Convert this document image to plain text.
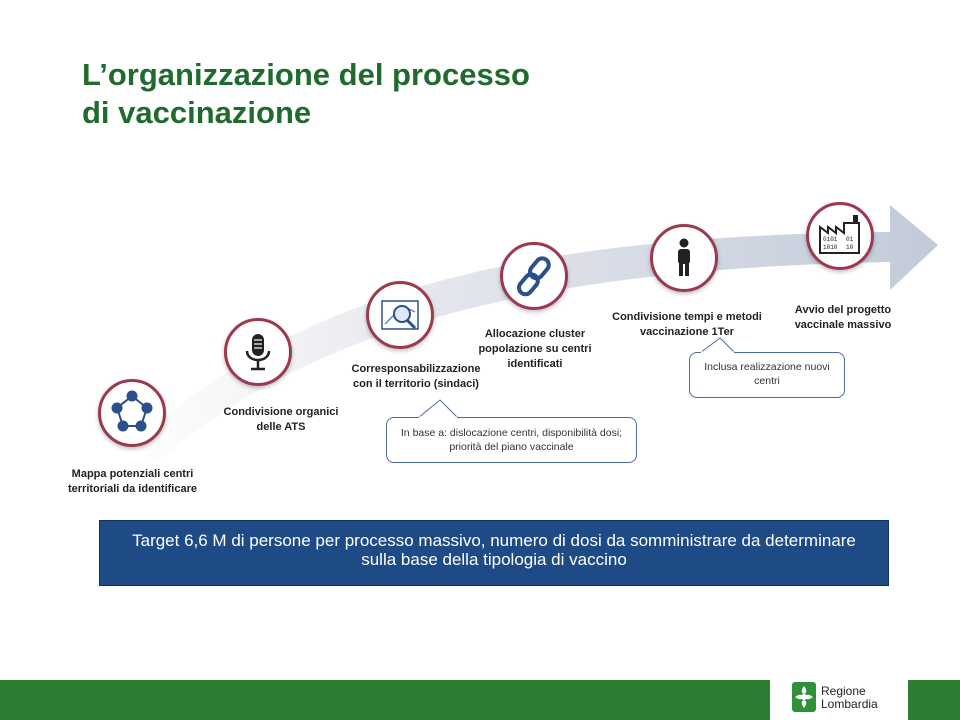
L’organizzazione del processo
di vaccinazione
Mappa potenziali centri territoriali da identificare
Condivisione organici delle ATS
Corresponsabilizzazione con il territorio (sindaci)
Allocazione cluster popolazione su centri identificati
Condivisione tempi e metodi vaccinazione 1Ter
0101
1010
01
10
Avvio del progetto vaccinale massivo
In base a: dislocazione centri, disponibilità dosi; priorità del piano vaccinale
Inclusa realizzazione nuovi centri
Target 6,6 M di persone per processo massivo, numero di dosi da somministrare da determinare sulla base della tipologia di vaccino
Regione
Lombardia
